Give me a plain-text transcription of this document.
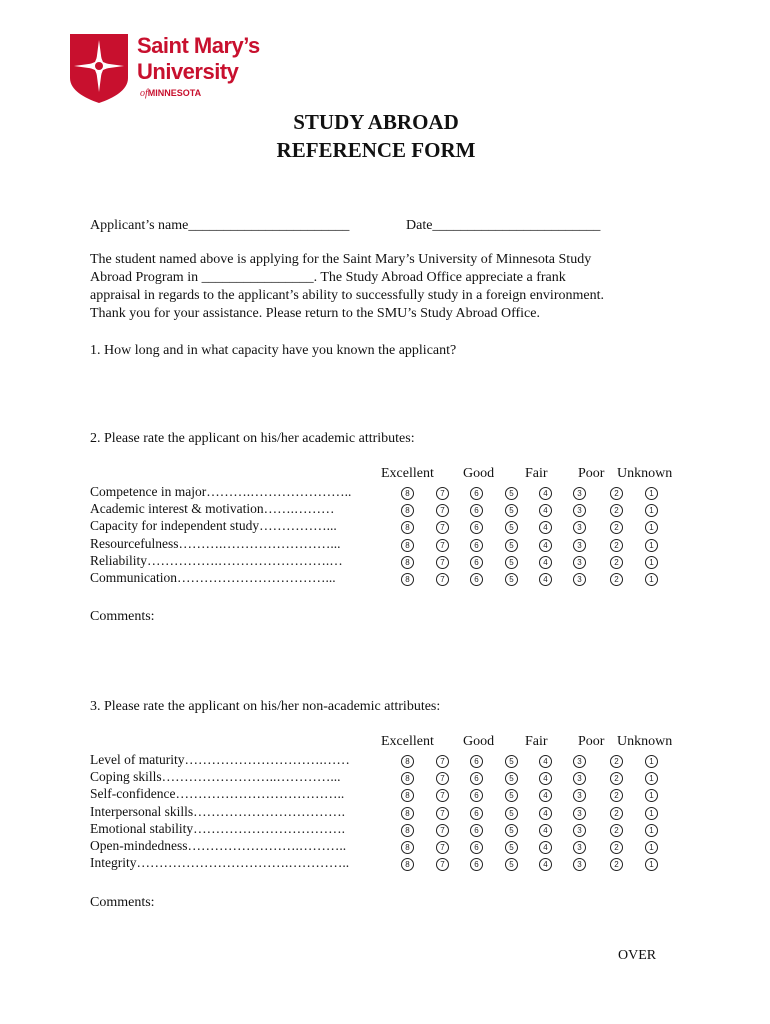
Saint Mary’s
University
ofMINNESOTA
STUDY ABROAD
REFERENCE FORM
Applicant’s name_______________________	Date________________________
The student named above is applying for the Saint Mary’s University of Minnesota Study
Abroad Program in ________________. The Study Abroad Office appreciate a frank
appraisal in regards to the applicant’s ability to successfully study in a foreign environment.
Thank you for your assistance. Please return to the SMU’s Study Abroad Office.
1. How long and in what capacity have you known the applicant?
2. Please rate the applicant on his/her academic attributes:
Excellent Good Fair Poor Unknown
Competence in major……….…………………..	8	7	6	5	4	3	2	1
Academic interest & motivation…….………	8	7	6	5	4	3	2	1
Capacity for independent study……………...	8	7	6	5	4	3	2	1
Resourcefulness……….……………………...	8	7	6	5	4	3	2	1
Reliability…………….…………………….…	8	7	6	5	4	3	2	1
Communication……………………………...	8	7	6	5	4	3	2	1
Comments:
3. Please rate the applicant on his/her non-academic attributes:
Excellent Good Fair Poor Unknown
Level of maturity………………………….……	8	7	6	5	4	3	2	1
Coping skills……………………..…………...	8	7	6	5	4	3	2	1
Self-confidence………………………………..	8	7	6	5	4	3	2	1
Interpersonal skills…………………………….	8	7	6	5	4	3	2	1
Emotional stability…………………………….	8	7	6	5	4	3	2	1
Open-mindedness…………………….………..	8	7	6	5	4	3	2	1
Integrity…………………………….…………..	8	7	6	5	4	3	2	1
Comments:
OVER
